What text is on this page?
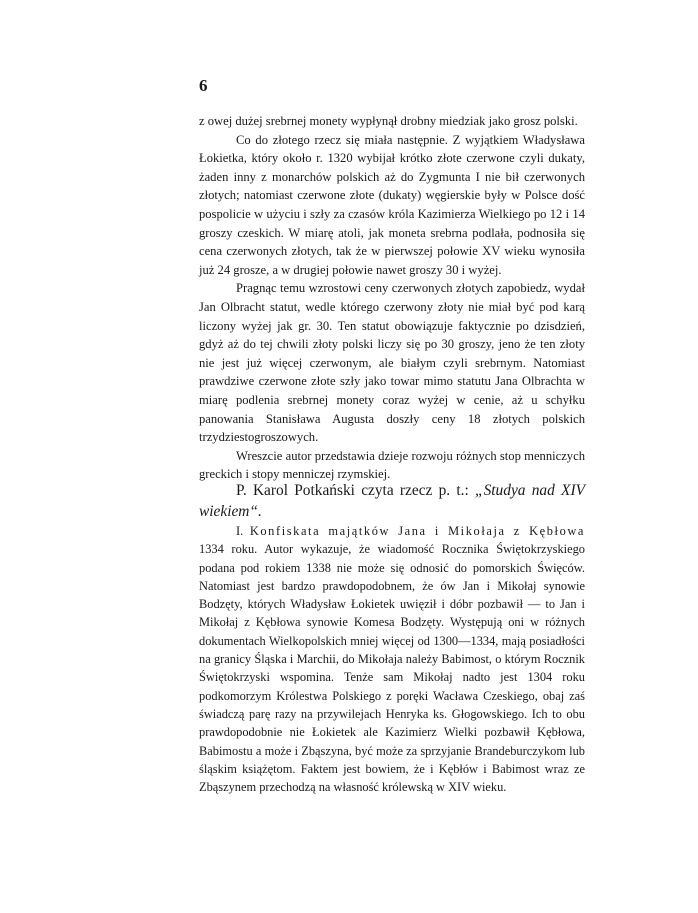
6

z owej dużej srebrnej monety wypłynął drobny miedziak jako grosz polski.

Co do złotego rzecz się miała następnie. Z wyjątkiem Władysława Łokietka, który około r. 1320 wybijał krótko złote czerwone czyli dukaty, żaden inny z monarchów polskich aż do Zygmunta I nie bił czerwonych złotych; natomiast czerwone złote (dukaty) węgierskie były w Polsce dość pospolicie w użyciu i szły za czasów króla Kazimierza Wielkiego po 12 i 14 groszy czeskich. W miarę atoli, jak moneta srebrna podlała, podnosiła się cena czerwonych złotych, tak że w pierwszej połowie XV wieku wynosiła już 24 grosze, a w drugiej połowie nawet groszy 30 i wyżej.

Pragnąc temu wzrostowi ceny czerwonych złotych zapobiedz, wydał Jan Olbracht statut, wedle którego czerwony złoty nie miał być pod karą liczony wyżej jak gr. 30. Ten statut obowiązuje faktycznie po dzisdzień, gdyż aż do tej chwili złoty polski liczy się po 30 groszy, jeno że ten złoty nie jest już więcej czerwonym, ale białym czyli srebrnym. Natomiast prawdziwe czerwone złote szły jako towar mimo statutu Jana Olbrachta w miarę podlenia srebrnej monety coraz wyżej w cenie, aż u schyłku panowania Stanisława Augusta doszły ceny 18 złotych polskich trzydziestogroszowych.

Wreszcie autor przedstawia dzieje rozwoju różnych stop menniczych greckich i stopy menniczej rzymskiej.

P. Karol Potkański czyta rzecz p. t.: „Studya nad XIV wiekiem“.

I. Konfiskata majątków Jana i Mikołaja z Kębłowa 1334 roku. Autor wykazuje, że wiadomość Rocznika Świętokrzyskiego podana pod rokiem 1338 nie może się odnosić do pomorskich Święców. Natomiast jest bardzo prawdopodobnem, że ów Jan i Mikołaj synowie Bodzęty, których Władysław Łokietek uwięził i dóbr pozbawił — to Jan i Mikołaj z Kębłowa synowie Komesa Bodzęty. Występują oni w różnych dokumentach Wielkopolskich mniej więcej od 1300—1334, mają posiadłości na granicy Śląska i Marchii, do Mikołaja należy Babimost, o którym Rocznik Świętokrzyski wspomina. Tenże sam Mikołaj nadto jest 1304 roku podkomorzym Królestwa Polskiego z poręki Wacława Czeskiego, obaj zaś świadczą parę razy na przywilejach Henryka ks. Głogowskiego. Ich to obu prawdopodobnie nie Łokietek ale Kazimierz Wielki pozbawił Kębłowa, Babimostu a może i Zbąszyna, być może za sprzyjanie Brandeburczykom lub śląskim książętom. Faktem jest bowiem, że i Kębłów i Babimost wraz ze Zbąszynem przechodzą na własność królewską w XIV wieku.
